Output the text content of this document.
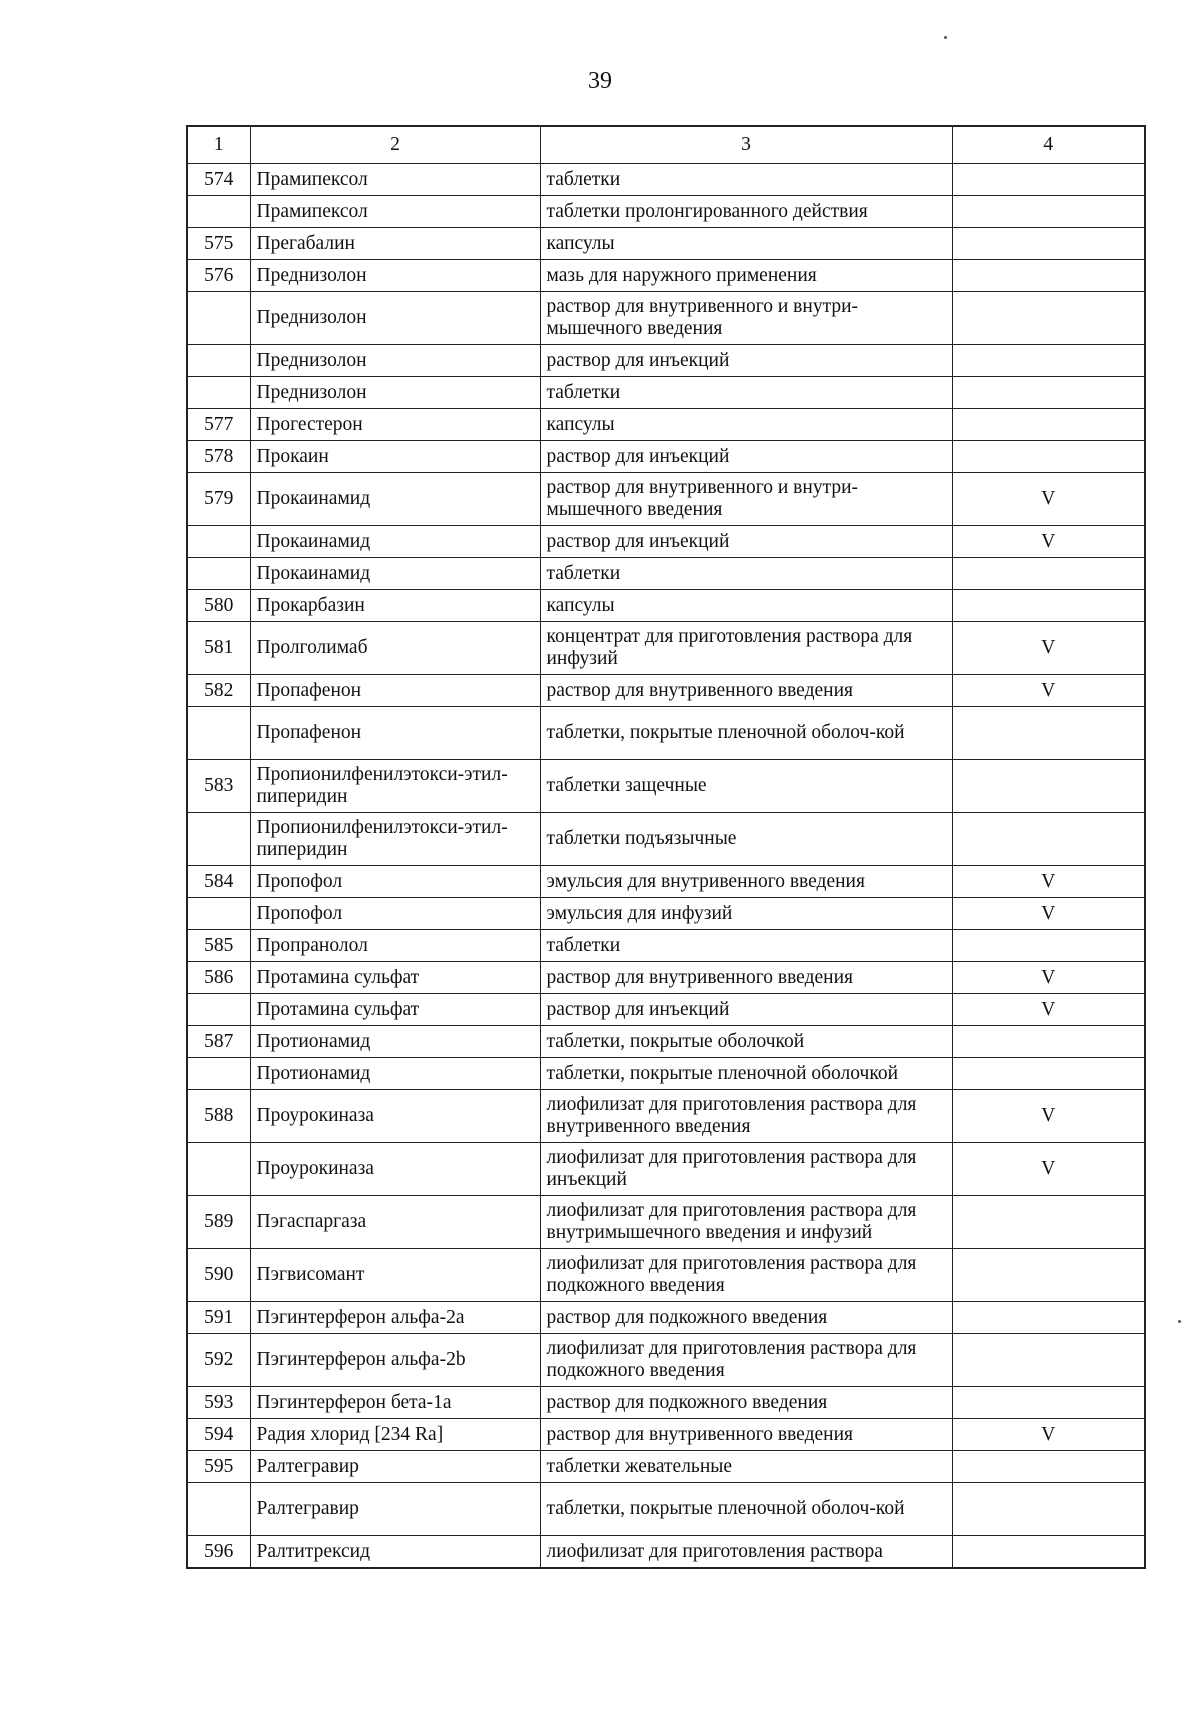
39
1	2	3	4
574	Прамипексол	таблетки	
	Прамипексол	таблетки пролонгированного действия	
575	Прегабалин	капсулы	
576	Преднизолон	мазь для наружного применения	
	Преднизолон	раствор для внутривенного и внутри-мышечного введения	
	Преднизолон	раствор для инъекций	
	Преднизолон	таблетки	
577	Прогестерон	капсулы	
578	Прокаин	раствор для инъекций	
579	Прокаинамид	раствор для внутривенного и внутри-мышечного введения	V
	Прокаинамид	раствор для инъекций	V
	Прокаинамид	таблетки	
580	Прокарбазин	капсулы	
581	Пролголимаб	концентрат для приготовления раствора для инфузий	V
582	Пропафенон	раствор для внутривенного введения	V
	Пропафенон	таблетки, покрытые пленочной оболоч-кой	
583	Пропионилфенилэтокси-этил-пиперидин	таблетки защечные	
	Пропионилфенилэтокси-этил-пиперидин	таблетки подъязычные	
584	Пропофол	эмульсия для внутривенного введения	V
	Пропофол	эмульсия для инфузий	V
585	Пропранолол	таблетки	
586	Протамина сульфат	раствор для внутривенного введения	V
	Протамина сульфат	раствор для инъекций	V
587	Протионамид	таблетки, покрытые оболочкой	
	Протионамид	таблетки, покрытые пленочной оболочкой	
588	Проурокиназа	лиофилизат для приготовления раствора для внутривенного введения	V
	Проурокиназа	лиофилизат для приготовления раствора для инъекций	V
589	Пэгаспаргаза	лиофилизат для приготовления раствора для внутримышечного введения и инфузий	
590	Пэгвисомант	лиофилизат для приготовления раствора для подкожного введения	
591	Пэгинтерферон альфа-2а	раствор для подкожного введения	
592	Пэгинтерферон альфа-2b	лиофилизат для приготовления раствора для подкожного введения	
593	Пэгинтерферон бета-1а	раствор для подкожного введения	
594	Радия хлорид [234 Ra]	раствор для внутривенного введения	V
595	Ралтегравир	таблетки жевательные	
	Ралтегравир	таблетки, покрытые пленочной оболоч-кой	
596	Ралтитрексид	лиофилизат для приготовления раствора	
